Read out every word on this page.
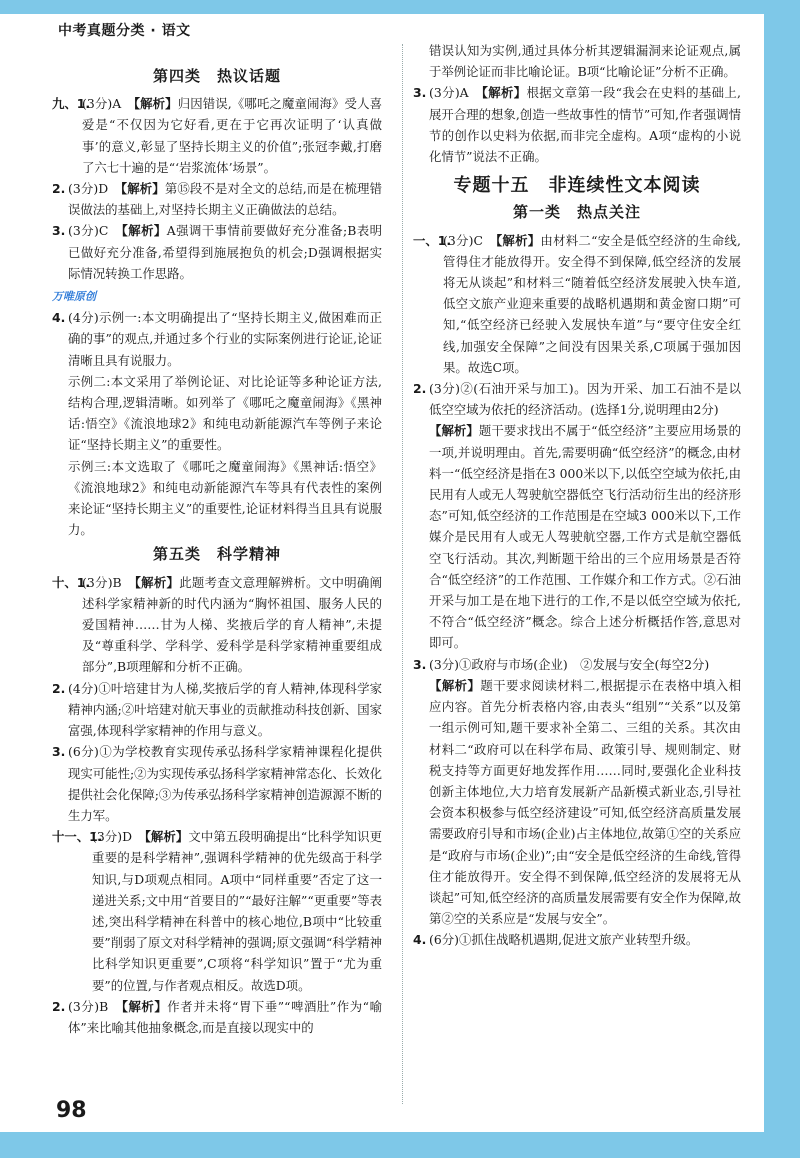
中考真题分类 · 语文
第四类　热议话题
九、1.
(3分)A　【解析】归因错误,《哪吒之魔童闹海》受人喜爱是“不仅因为它好看,更在于它再次证明了‘认真做事’的意义,彰显了坚持长期主义的价值”;张冠李戴,打磨了六七十遍的是“‘岩浆流体’场景”。
2. (3分)D　【解析】第⑮段不是对全文的总结,而是在梳理错误做法的基础上,对坚持长期主义正确做法的总结。
3. (3分)C　【解析】A强调干事情前要做好充分准备;B表明已做好充分准备,希望得到施展抱负的机会;D强调根据实际情况转换工作思路。
万唯原创
4. (4分)示例一:本文明确提出了“坚持长期主义,做困难而正确的事”的观点,并通过多个行业的实际案例进行论证,论证清晰且具有说服力。
示例二:本文采用了举例论证、对比论证等多种论证方法,结构合理,逻辑清晰。如列举了《哪吒之魔童闹海》《黑神话:悟空》《流浪地球2》和纯电动新能源汽车等例子来论证“坚持长期主义”的重要性。
示例三:本文选取了《哪吒之魔童闹海》《黑神话:悟空》《流浪地球2》和纯电动新能源汽车等具有代表性的案例来论证“坚持长期主义”的重要性,论证材料得当且具有说服力。
第五类　科学精神
十、1.
(3分)B　【解析】此题考查文意理解辨析。文中明确阐述科学家精神新的时代内涵为“胸怀祖国、服务人民的爱国精神……甘为人梯、奖掖后学的育人精神”,未提及“尊重科学、学科学、爱科学是科学家精神重要组成部分”,B项理解和分析不正确。
2. (4分)①叶培建甘为人梯,奖掖后学的育人精神,体现科学家精神内涵;②叶培建对航天事业的贡献推动科技创新、国家富强,体现科学家精神的作用与意义。
3. (6分)①为学校教育实现传承弘扬科学家精神课程化提供现实可能性;②为实现传承弘扬科学家精神常态化、长效化提供社会化保障;③为传承弘扬科学家精神创造源源不断的生力军。
十一、1.
(3分)D　【解析】文中第五段明确提出“比科学知识更重要的是科学精神”,强调科学精神的优先级高于科学知识,与D项观点相同。A项中“同样重要”否定了这一递进关系;文中用“首要目的”“最好注解”“更重要”等表述,突出科学精神在科普中的核心地位,B项中“比较重要”削弱了原文对科学精神的强调;原文强调“科学精神比科学知识更重要”,C项将“科学知识”置于“尤为重要”的位置,与作者观点相反。故选D项。
2. (3分)B　【解析】作者并未将“胃下垂”“啤酒肚”作为“喻体”来比喻其他抽象概念,而是直接以现实中的
错误认知为实例,通过具体分析其逻辑漏洞来论证观点,属于举例论证而非比喻论证。B项“比喻论证”分析不正确。
3. (3分)A　【解析】根据文章第一段“我会在史料的基础上,展开合理的想象,创造一些故事性的情节”可知,作者强调情节的创作以史料为依据,而非完全虚构。A项“虚构的小说化情节”说法不正确。
专题十五　非连续性文本阅读
第一类　热点关注
一、1.
(3分)C　【解析】由材料二“安全是低空经济的生命线,管得住才能放得开。安全得不到保障,低空经济的发展将无从谈起”和材料三“随着低空经济发展驶入快车道,低空文旅产业迎来重要的战略机遇期和黄金窗口期”可知,“低空经济已经驶入发展快车道”与“要守住安全红线,加强安全保障”之间没有因果关系,C项属于强加因果。故选C项。
2. (3分)②(石油开采与加工)。因为开采、加工石油不是以低空空域为依托的经济活动。(选择1分,说明理由2分)
【解析】题干要求找出不属于“低空经济”主要应用场景的一项,并说明理由。首先,需要明确“低空经济”的概念,由材料一“低空经济是指在3 000米以下,以低空空域为依托,由民用有人或无人驾驶航空器低空飞行活动衍生出的经济形态”可知,低空经济的工作范围是在空域3 000米以下,工作媒介是民用有人或无人驾驶航空器,工作方式是航空器低空飞行活动。其次,判断题干给出的三个应用场景是否符合“低空经济”的工作范围、工作媒介和工作方式。②石油开采与加工是在地下进行的工作,不是以低空空域为依托,不符合“低空经济”概念。综合上述分析概括作答,意思对即可。
3. (3分)①政府与市场(企业)　②发展与安全(每空2分)
【解析】题干要求阅读材料二,根据提示在表格中填入相应内容。首先分析表格内容,由表头“组别”“关系”以及第一组示例可知,题干要求补全第二、三组的关系。其次由材料二“政府可以在科学布局、政策引导、规则制定、财税支持等方面更好地发挥作用……同时,要强化企业科技创新主体地位,大力培育发展新产品新模式新业态,引导社会资本积极参与低空经济建设”可知,低空经济高质量发展需要政府引导和市场(企业)占主体地位,故第①空的关系应是“政府与市场(企业)”;由“安全是低空经济的生命线,管得住才能放得开。安全得不到保障,低空经济的发展将无从谈起”可知,低空经济的高质量发展需要有安全作为保障,故第②空的关系应是“发展与安全”。
4. (6分)①抓住战略机遇期,促进文旅产业转型升级。
98
